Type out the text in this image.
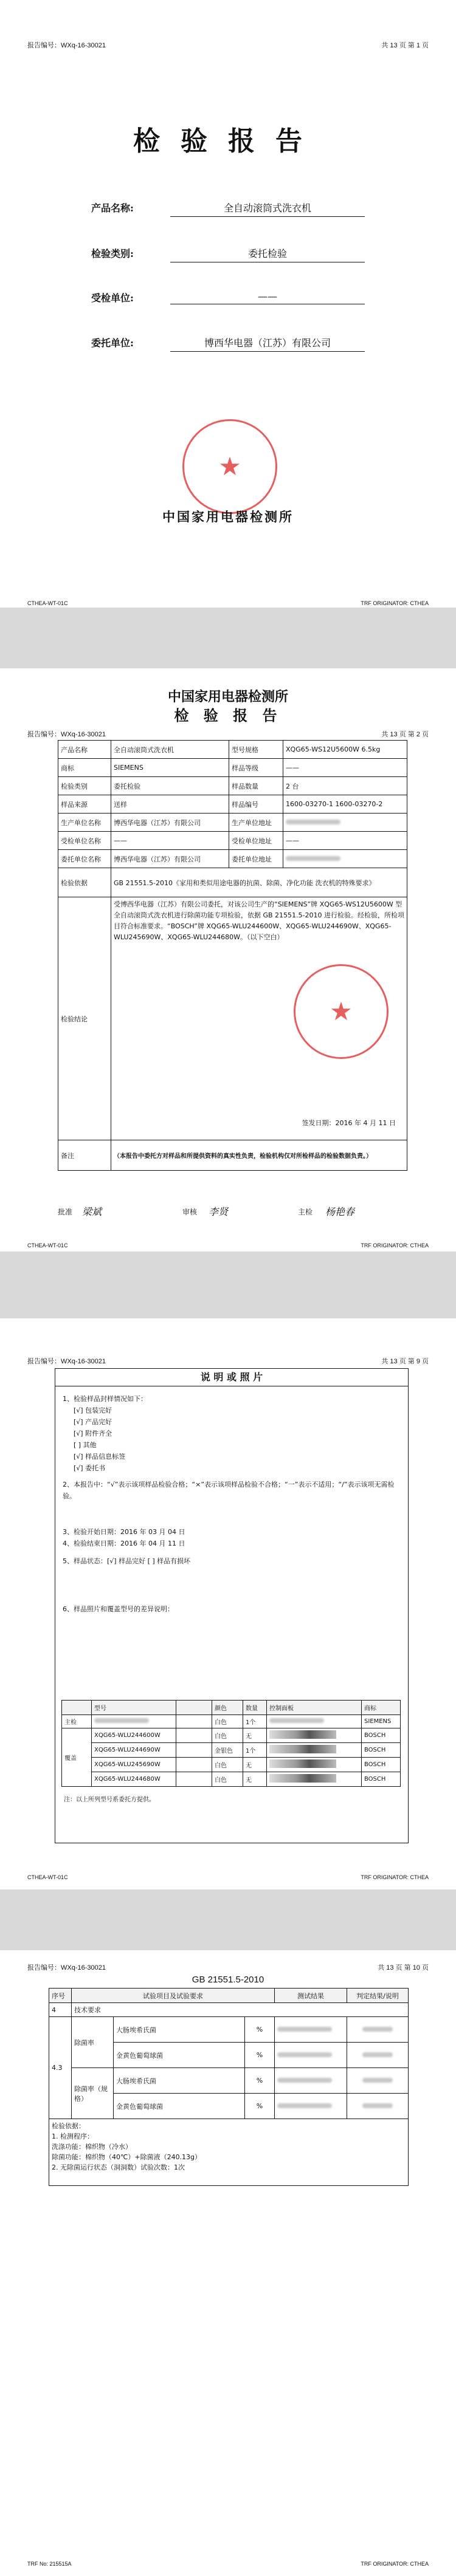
报告编号：WXq-16-30021	共 13 页 第 1 页
检验报告
产品名称:	全自动滚筒式洗衣机
检验类别:	委托检验
受检单位:	——
委托单位:	博西华电器（江苏）有限公司
★
中国家用电器检测所
CTHEA-WT-01C	TRF ORIGINATOR: CTHEA
中国家用电器检测所
检 验 报 告
报告编号：WXq-16-30021	共 13 页 第 2 页
产品名称	全自动滚筒式洗衣机	型号规格	XQG65-WS12U5600W 6.5kg
商标	SIEMENS	样品等级	——
检验类别	委托检验	样品数量	2 台
样品来源	送样	样品编号	1600-03270-1 1600-03270-2
生产单位名称	博西华电器（江苏）有限公司	生产单位地址	
受检单位名称	——	受检单位地址	——
委托单位名称	博西华电器（江苏）有限公司	委托单位地址	
检验依据	GB 21551.5-2010《家用和类似用途电器的抗菌、除菌、净化功能 洗衣机的特殊要求》		
检验结论	受博西华电器（江苏）有限公司委托，对该公司生产的“SIEMENS”牌 XQG65-WS12U5600W 型全自动滚筒式洗衣机进行除菌功能专项检验，依据 GB 21551.5-2010 进行检验。经检验，所检项目符合标准要求。“BOSCH”牌 XQG65-WLU244600W、XQG65-WLU244690W、XQG65-WLU245690W、XQG65-WLU244680W。（以下空白）
签发日期：2016 年 4 月 11 日
★		

备注	（本报告中委托方对样品和所提供资料的真实性负责，检验机构仅对所检样品的检验数据负责。）		
批准 梁斌	审核 李贤	主检 杨艳春
CTHEA-WT-01C	TRF ORIGINATOR: CTHEA
报告编号：WXq-16-30021	共 13 页 第 9 页
说 明 或 照 片
1、检验样品封样情况如下：
[√] 包装完好
[√] 产品完好
[√] 附件齐全
[ ] 其他
[√] 样品信息标签
[√] 委托书
2、本报告中：“√”表示该项样品检验合格；“×”表示该项样品检验不合格；“一”表示不适用；“/”表示该项无需检验。
3、检验开始日期：2016 年 03 月 04 日
4、检验结束日期：2016 年 04 月 11 日
5、样品状态：[√] 样品完好 [ ] 样品有损坏
6、样品照片和覆盖型号的差异说明：
	型号		颜色	数量	控制面板	商标
主检			白色	1个		SIEMENS
覆盖	XQG65-WLU244600W		白色	无		BOSCH
	XQG65-WLU244690W		金银色	1个		BOSCH
	XQG65-WLU245690W		白色	无		BOSCH
	XQG65-WLU244680W		白色	无		BOSCH
注：以上所列型号系委托方提供。
CTHEA-WT-01C	TRF ORIGINATOR: CTHEA
报告编号：WXq-16-30021	共 13 页 第 10 页
GB 21551.5-2010
序号	试验项目及试验要求			测试结果	判定结果/说明
4	技术要求				
4.3	除菌率	大肠埃希氏菌	%		
		金黄色葡萄球菌	%		
	除菌率（规格）	大肠埃希氏菌	%		
		金黄色葡萄球菌	%		

检验依据：
1. 检测程序：
洗涤功能：棉织物（冷水）
除菌功能：棉织物（40℃）+除菌液（240.13g）
2. 无除菌运行状态（洞洞数）试验次数：1次					
TRF No: 215515A	TRF ORIGINATOR: CTHEA
